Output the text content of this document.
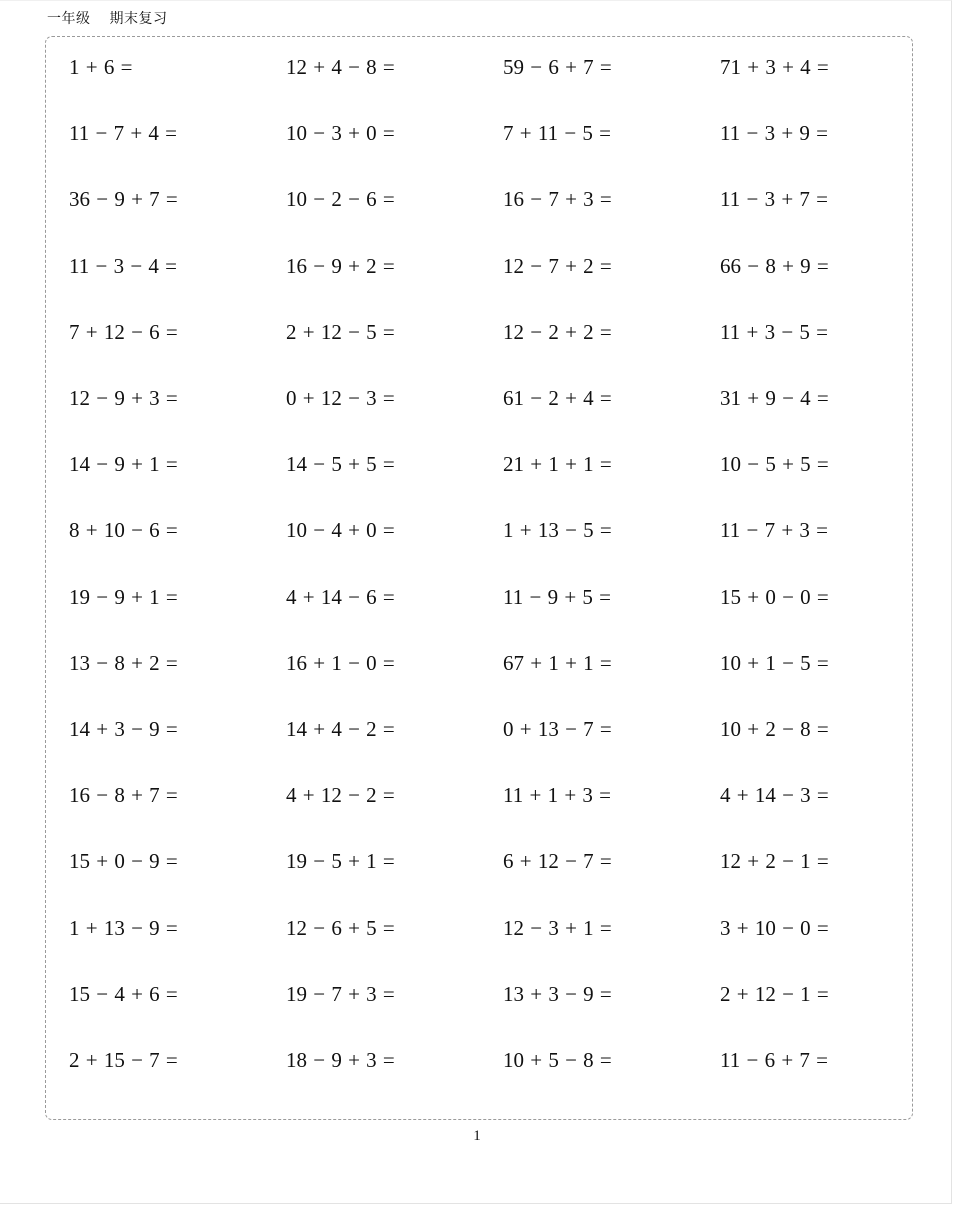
一年级 期末复习
1 + 6 =	12 + 4 − 8 =	59 − 6 + 7 =	71 + 3 + 4 =
11 − 7 + 4 =	10 − 3 + 0 =	7 + 11 − 5 =	11 − 3 + 9 =
36 − 9 + 7 =	10 − 2 − 6 =	16 − 7 + 3 =	11 − 3 + 7 =
11 − 3 − 4 =	16 − 9 + 2 =	12 − 7 + 2 =	66 − 8 + 9 =
7 + 12 − 6 =	2 + 12 − 5 =	12 − 2 + 2 =	11 + 3 − 5 =
12 − 9 + 3 =	0 + 12 − 3 =	61 − 2 + 4 =	31 + 9 − 4 =
14 − 9 + 1 =	14 − 5 + 5 =	21 + 1 + 1 =	10 − 5 + 5 =
8 + 10 − 6 =	10 − 4 + 0 =	1 + 13 − 5 =	11 − 7 + 3 =
19 − 9 + 1 =	4 + 14 − 6 =	11 − 9 + 5 =	15 + 0 − 0 =
13 − 8 + 2 =	16 + 1 − 0 =	67 + 1 + 1 =	10 + 1 − 5 =
14 + 3 − 9 =	14 + 4 − 2 =	0 + 13 − 7 =	10 + 2 − 8 =
16 − 8 + 7 =	4 + 12 − 2 =	11 + 1 + 3 =	4 + 14 − 3 =
15 + 0 − 9 =	19 − 5 + 1 =	6 + 12 − 7 =	12 + 2 − 1 =
1 + 13 − 9 =	12 − 6 + 5 =	12 − 3 + 1 =	3 + 10 − 0 =
15 − 4 + 6 =	19 − 7 + 3 =	13 + 3 − 9 =	2 + 12 − 1 =
2 + 15 − 7 =	18 − 9 + 3 =	10 + 5 − 8 =	11 − 6 + 7 =
1
